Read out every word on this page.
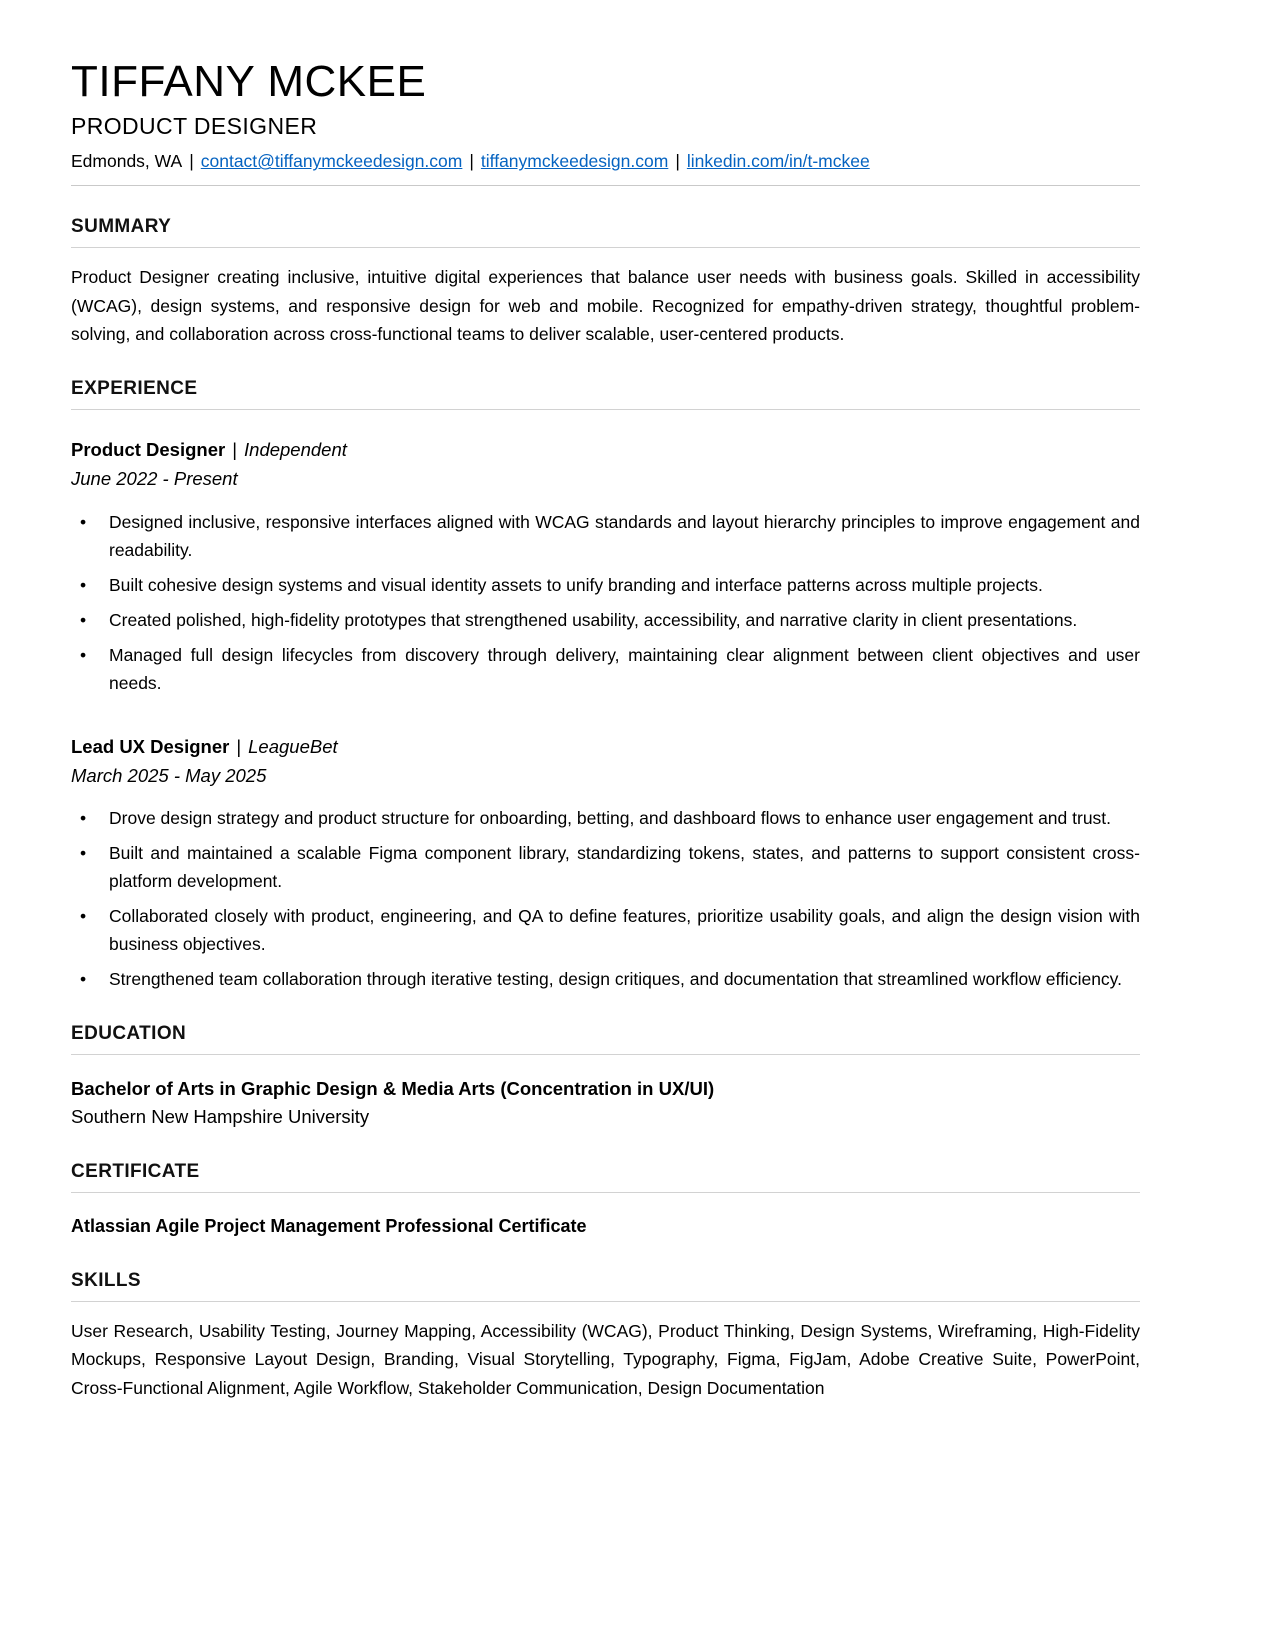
TIFFANY MCKEE
PRODUCT DESIGNER
Edmonds, WA | contact@tiffanymckeedesign.com | tiffanymckeedesign.com | linkedin.com/in/t-mckee
SUMMARY

Product Designer creating inclusive, intuitive digital experiences that balance user needs with business goals. Skilled in accessibility (WCAG), design systems, and responsive design for web and mobile. Recognized for empathy-driven strategy, thoughtful problem-solving, and collaboration across cross-functional teams to deliver scalable, user-centered products.

EXPERIENCE
Product Designer | Independent
June 2022 - Present
• Designed inclusive, responsive interfaces aligned with WCAG standards and layout hierarchy principles to improve engagement and readability.
• Built cohesive design systems and visual identity assets to unify branding and interface patterns across multiple projects.
• Created polished, high-fidelity prototypes that strengthened usability, accessibility, and narrative clarity in client presentations.
• Managed full design lifecycles from discovery through delivery, maintaining clear alignment between client objectives and user needs.
Lead UX Designer | LeagueBet
March 2025 - May 2025
• Drove design strategy and product structure for onboarding, betting, and dashboard flows to enhance user engagement and trust.
• Built and maintained a scalable Figma component library, standardizing tokens, states, and patterns to support consistent cross-platform development.
• Collaborated closely with product, engineering, and QA to define features, prioritize usability goals, and align the design vision with business objectives.
• Strengthened team collaboration through iterative testing, design critiques, and documentation that streamlined workflow efficiency.
EDUCATION
Bachelor of Arts in Graphic Design & Media Arts (Concentration in UX/UI)
Southern New Hampshire University
CERTIFICATE
Atlassian Agile Project Management Professional Certificate
SKILLS

User Research, Usability Testing, Journey Mapping, Accessibility (WCAG), Product Thinking, Design Systems, Wireframing, High-Fidelity Mockups, Responsive Layout Design, Branding, Visual Storytelling, Typography, Figma, FigJam, Adobe Creative Suite, PowerPoint, Cross-Functional Alignment, Agile Workflow, Stakeholder Communication, Design Documentation
